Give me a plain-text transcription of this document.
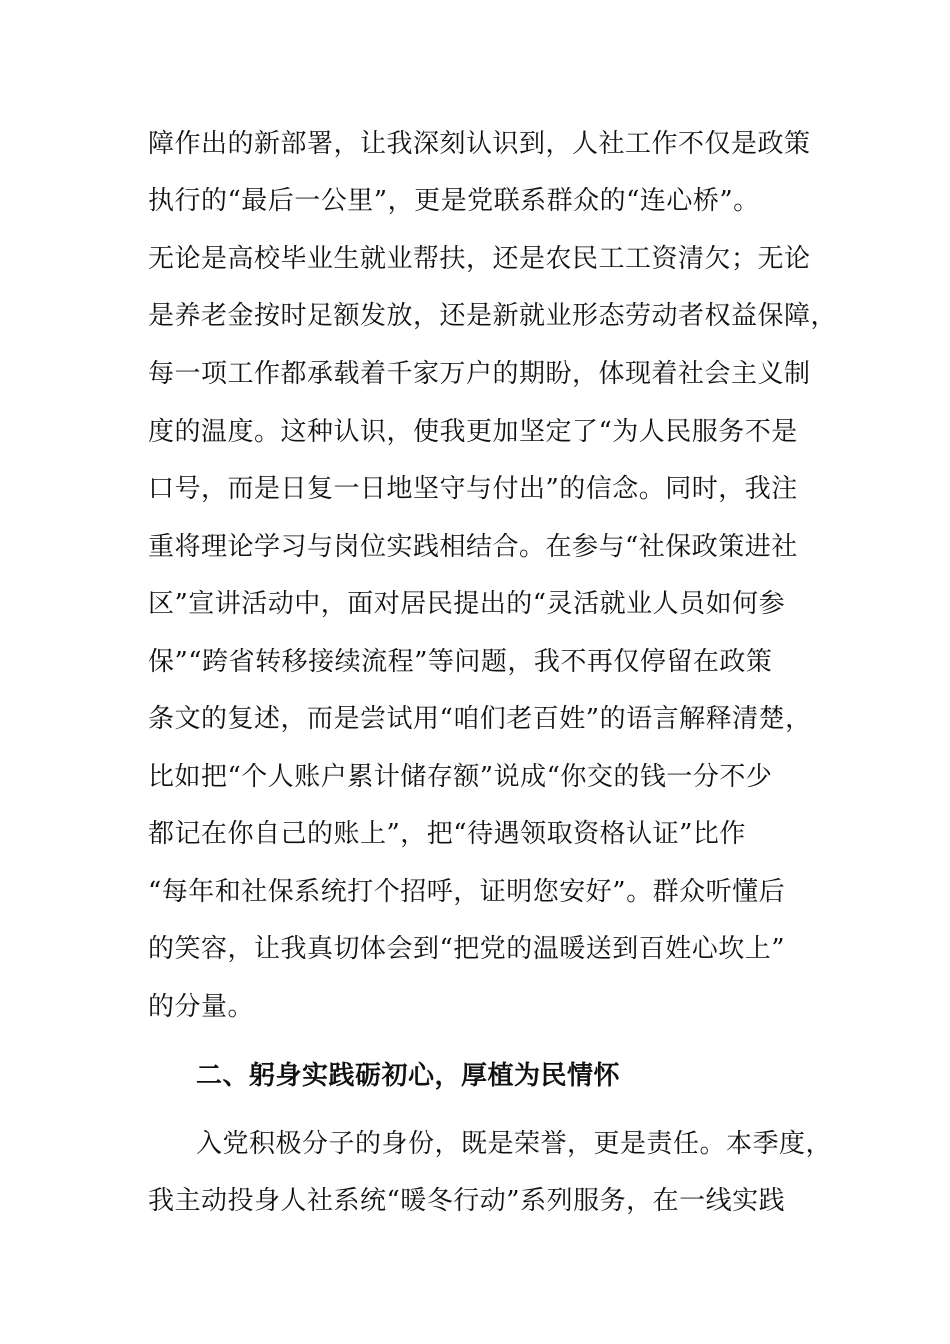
障作出的新部署，让我深刻认识到，人社工作不仅是政策
执行的“最后一公里”，更是党联系群众的“连心桥”。
无论是高校毕业生就业帮扶，还是农民工工资清欠；无论
是养老金按时足额发放，还是新就业形态劳动者权益保障，
每一项工作都承载着千家万户的期盼，体现着社会主义制
度的温度。这种认识，使我更加坚定了“为人民服务不是
口号，而是日复一日地坚守与付出”的信念。同时，我注
重将理论学习与岗位实践相结合。在参与“社保政策进社
区”宣讲活动中，面对居民提出的“灵活就业人员如何参
保”“跨省转移接续流程”等问题，我不再仅停留在政策
条文的复述，而是尝试用“咱们老百姓”的语言解释清楚，
比如把“个人账户累计储存额”说成“你交的钱一分不少
都记在你自己的账上”，把“待遇领取资格认证”比作
“每年和社保系统打个招呼，证明您安好”。群众听懂后
的笑容，让我真切体会到“把党的温暖送到百姓心坎上”
的分量。
二、躬身实践砺初心，厚植为民情怀
入党积极分子的身份，既是荣誉，更是责任。本季度，
我主动投身人社系统“暖冬行动”系列服务，在一线实践
